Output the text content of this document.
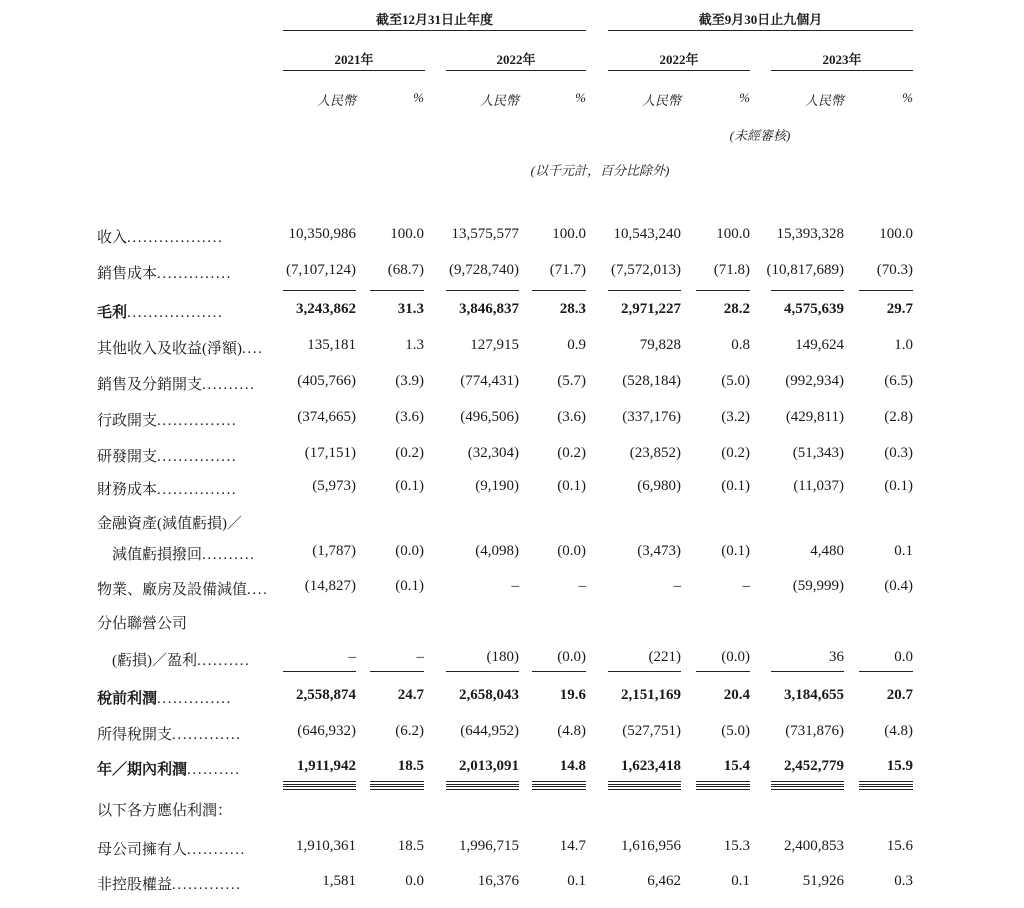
截至12月31日止年度	截至9月30日止九個月
2021年	2022年	2022年	2023年
人民幣	%	人民幣	%	人民幣	%	人民幣	%
(未經審核)
(以千元計，百分比除外)
收入..................	10,350,986	100.0	13,575,577	100.0	10,543,240	100.0	15,393,328	100.0
銷售成本..............	(7,107,124)	(68.7)	(9,728,740)	(71.7)	(7,572,013)	(71.8)	(10,817,689)	(70.3)
毛利..................	3,243,862	31.3	3,846,837	28.3	2,971,227	28.2	4,575,639	29.7
其他收入及收益(淨額)....	135,181	1.3	127,915	0.9	79,828	0.8	149,624	1.0
銷售及分銷開支..........	(405,766)	(3.9)	(774,431)	(5.7)	(528,184)	(5.0)	(992,934)	(6.5)
行政開支...............	(374,665)	(3.6)	(496,506)	(3.6)	(337,176)	(3.2)	(429,811)	(2.8)
研發開支...............	(17,151)	(0.2)	(32,304)	(0.2)	(23,852)	(0.2)	(51,343)	(0.3)
財務成本...............	(5,973)	(0.1)	(9,190)	(0.1)	(6,980)	(0.1)	(11,037)	(0.1)
金融資產(減值虧損)／
　減值虧損撥回..........	(1,787)	(0.0)	(4,098)	(0.0)	(3,473)	(0.1)	4,480	0.1
物業、廠房及設備減值....	(14,827)	(0.1)	–	–	–	–	(59,999)	(0.4)
分佔聯營公司
　(虧損)／盈利..........	–	–	(180)	(0.0)	(221)	(0.0)	36	0.0
稅前利潤..............	2,558,874	24.7	2,658,043	19.6	2,151,169	20.4	3,184,655	20.7
所得稅開支.............	(646,932)	(6.2)	(644,952)	(4.8)	(527,751)	(5.0)	(731,876)	(4.8)
年／期內利潤..........	1,911,942	18.5	2,013,091	14.8	1,623,418	15.4	2,452,779	15.9
以下各方應佔利潤：
母公司擁有人...........	1,910,361	18.5	1,996,715	14.7	1,616,956	15.3	2,400,853	15.6
非控股權益.............	1,581	0.0	16,376	0.1	6,462	0.1	51,926	0.3
